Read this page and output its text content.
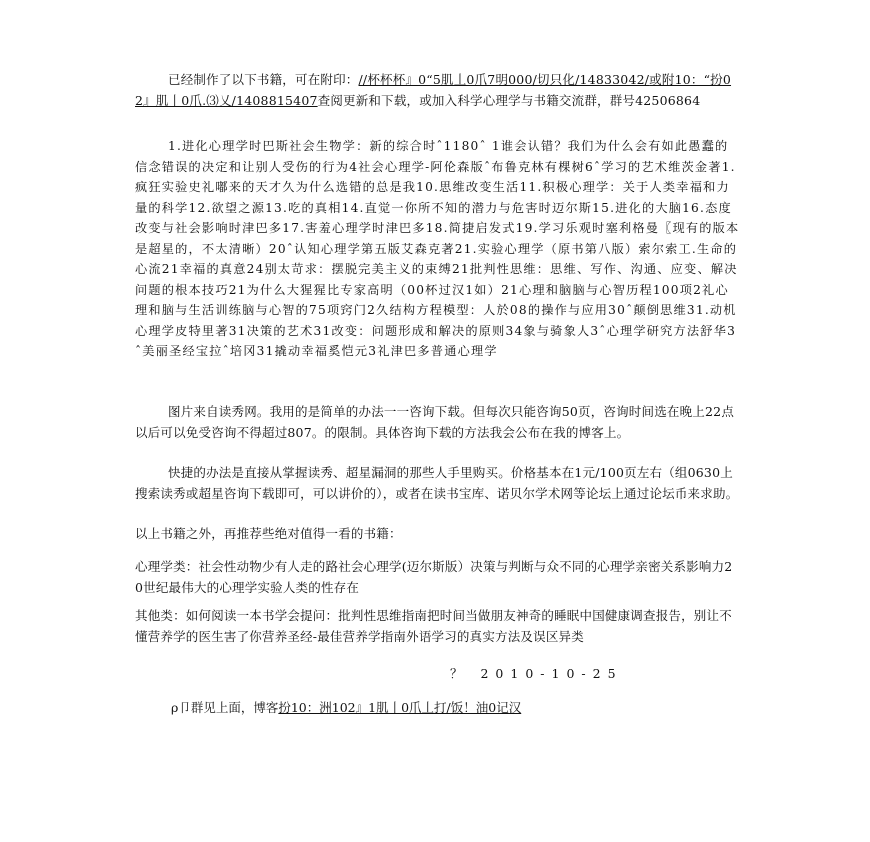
已经制作了以下书籍，可在附印：//杯杯杯』0“5肌丄0爪7明000/切只化/14833042/或附10：“扮02』肌丨0爪.⑶乂/1408815407查阅更新和下载，或加入科学心理学与书籍交流群，群号42506864
1.进化心理学时巴斯社会生物学：新的综合时ˆ1180ˆ 1谁会认错？我们为什么会有如此愚蠢的信念错误的决定和让别人受伤的行为4社会心理学-阿伦森版ˆ布鲁克林有棵树6ˆ学习的艺术维茨金著1.疯狂实验史礼嘟来的天才久为什么选错的总是我10.思维改变生活11.积极心理学：关于人类幸福和力量的科学12.欲望之源13.吃的真相14.直觉一你所不知的潜力与危害时迈尔斯15.进化的大脑16.态度改变与社会影响时津巴多17.害羞心理学时津巴多18.简捷启发式19.学习乐观时塞利格曼〖现有的版本是超星的，不太清晰）20ˆ认知心理学第五版艾森克著21.实验心理学（原书第八版）索尔索工.生命的心流21幸福的真意24别太苛求：摆脱完美主义的束缚21批判性思维：思维、写作、沟通、应变、解决问题的根本技巧21为什么大猩猩比专家高明（00杯过汉1如）21心理和脑脑与心智历程100项2礼心理和脑与生活训练脑与心智的75项窍门2久结构方程模型：人於08的操作与应用30ˆ颠倒思维31.动机心理学皮特里著31决策的艺术31改变：问题形成和解决的原则34象与骑象人3ˆ心理学研究方法舒华3ˆ美丽圣经宝拉ˆ培冈31撬动幸福奚恺元3礼津巴多普通心理学
图片来自读秀网。我用的是简单的办法一一咨询下载。但每次只能咨询50页，咨询时间选在晚上22点以后可以免受咨询不得超过807。的限制。具体咨询下载的方法我会公布在我的博客上。
快捷的办法是直接从掌握读秀、超星漏洞的那些人手里购买。价格基本在1元/100页左右（组0630上搜索读秀或超星咨询下载即可，可以讲价的），或者在读书宝库、诺贝尔学术网等论坛上通过论坛币来求助。
以上书籍之外，再推荐些绝对值得一看的书籍：
心理学类：社会性动物少有人走的路社会心理学(迈尔斯版）决策与判断与众不同的心理学亲密关系影响力20世纪最伟大的心理学实验人类的性存在
其他类：如何阅读一本书学会提问：批判性思维指南把时间当做朋友神奇的睡眠中国健康调查报告，别让不懂营养学的医生害了你营养圣经-最佳营养学指南外语学习的真实方法及误区异类
？ 2010-10-25
ρ卩群见上面，博客扮10：洲102』1肌丨0爪丄打/饭！油0记汉
